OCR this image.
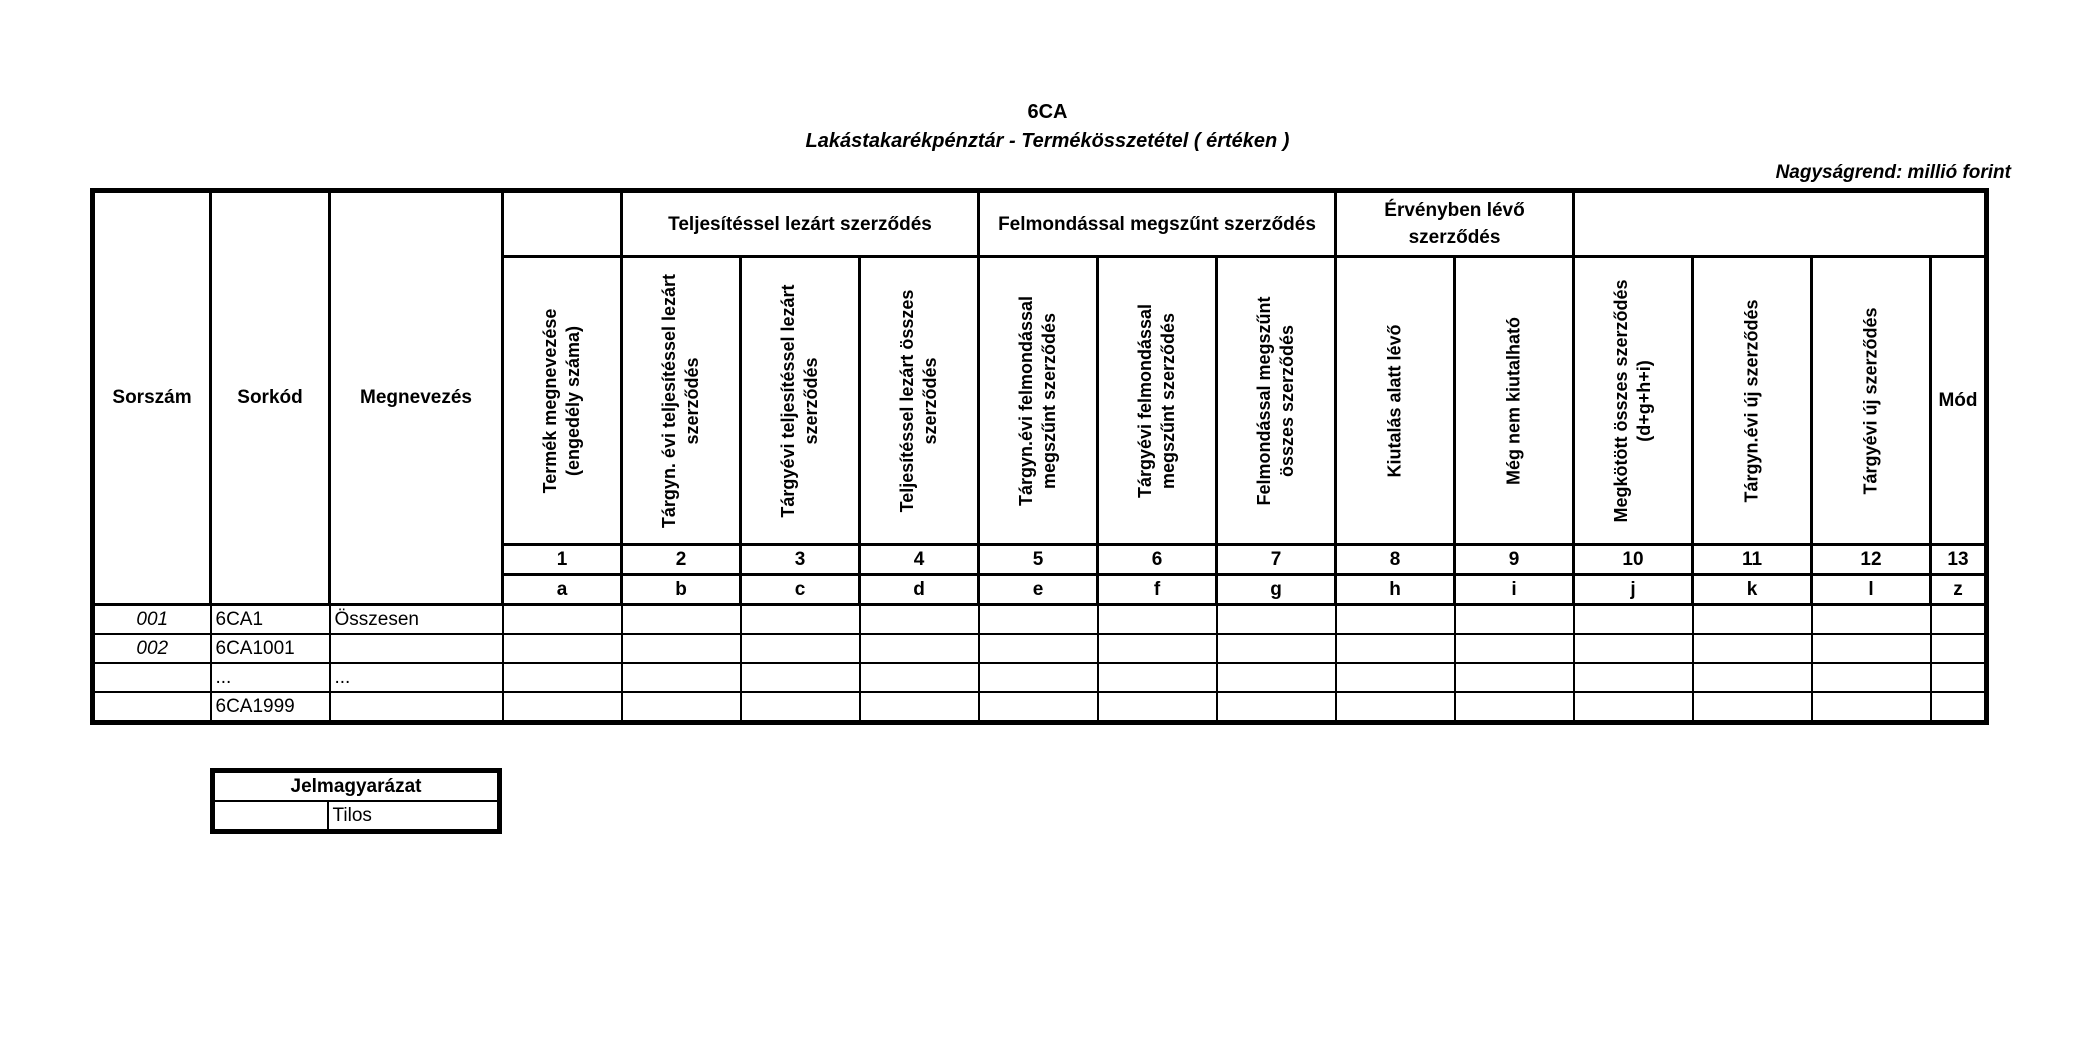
6CA
Lakástakarékpénztár - Termékösszetétel ( értéken )
Nagyságrend: millió forint
Sorszám	Sorkód	Megnevezés		Teljesítéssel lezárt szerződés			Felmondással megszűnt szerződés			Érvényben lévő szerződés					

			Termék megnevezése (engedély száma)	Tárgyn. évi teljesítéssel lezárt szerződés	Tárgyévi teljesítéssel lezárt szerződés	Teljesítéssel lezárt összes szerződés	Tárgyn.évi felmondással megszűnt szerződés	Tárgyévi felmondással megszűnt szerződés	Felmondással megszűnt összes szerződés	Kiutalás alatt lévő	Még nem kiutalható	Megkötött összes szerződés (d+g+h+i)	Tárgyn.évi új szerződés	Tárgyévi új szerződés	Mód
			1	2	3	4	5	6	7	8	9	10	11	12	13
			a	b	c	d	e	f	g	h	i	j	k	l	z
001	6CA1	Összesen													
002	6CA1001														
	...	...													
	6CA1999														
Jelmagyarázat
	Tilos
